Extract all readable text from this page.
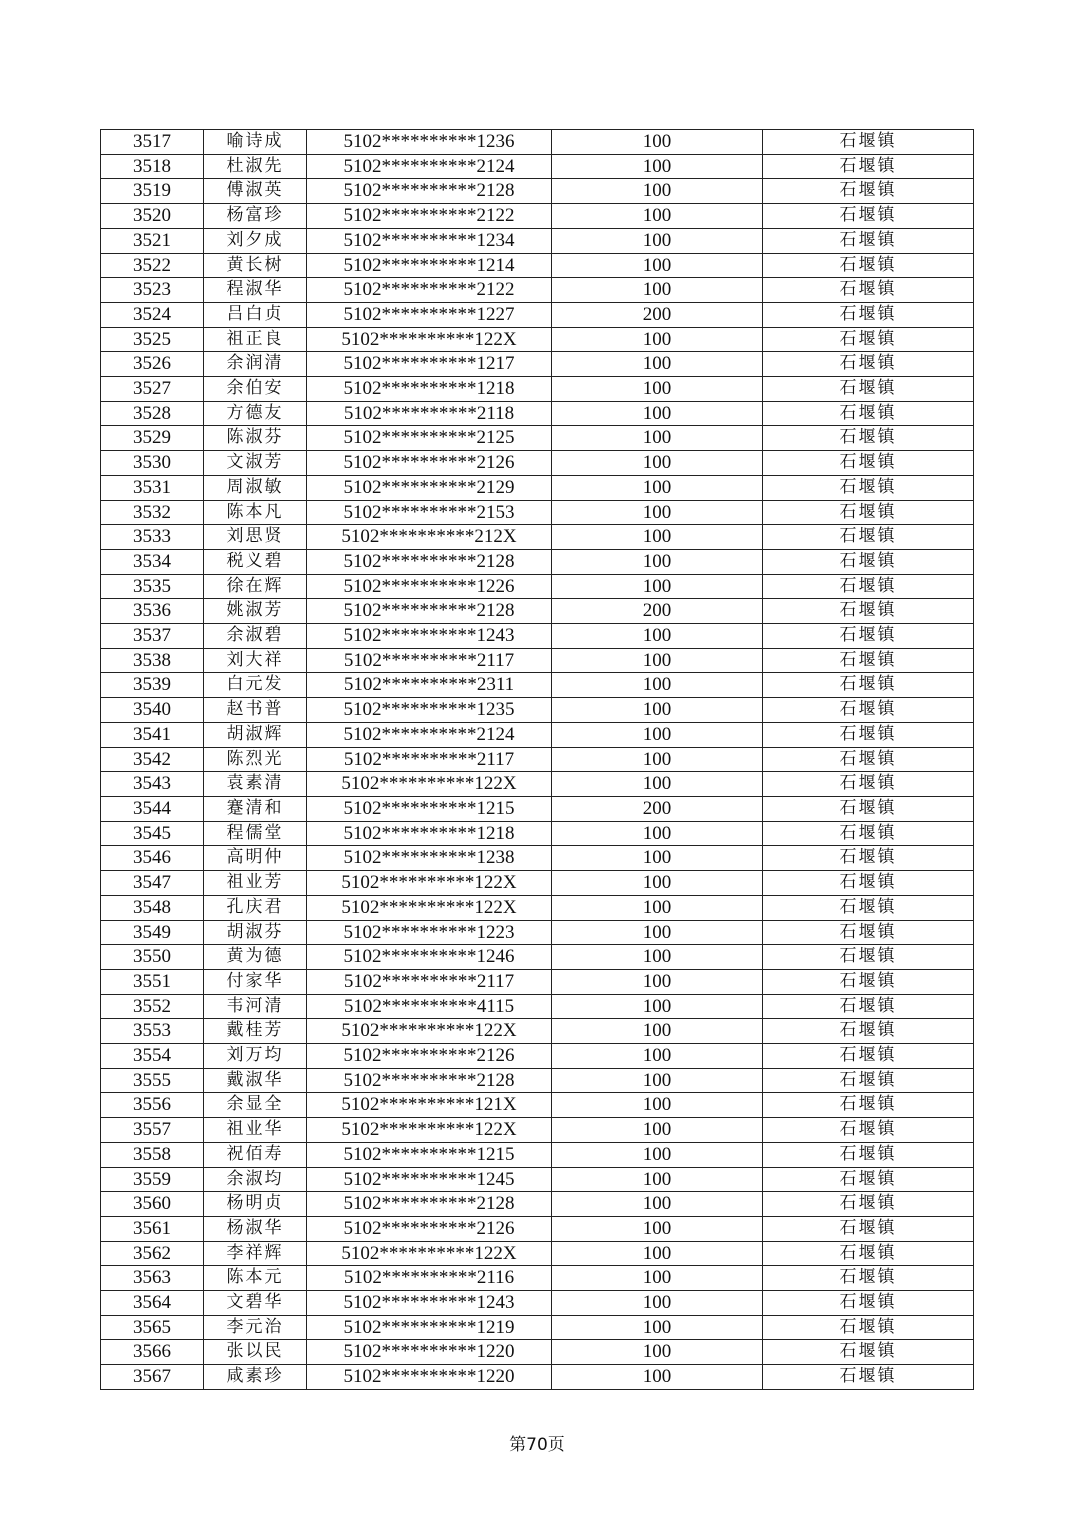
3517	喻诗成	5102**********1236	100	石堰镇
3518	杜淑先	5102**********2124	100	石堰镇
3519	傅淑英	5102**********2128	100	石堰镇
3520	杨富珍	5102**********2122	100	石堰镇
3521	刘夕成	5102**********1234	100	石堰镇
3522	黄长树	5102**********1214	100	石堰镇
3523	程淑华	5102**********2122	100	石堰镇
3524	吕白贞	5102**********1227	200	石堰镇
3525	祖正良	5102**********122X	100	石堰镇
3526	余润清	5102**********1217	100	石堰镇
3527	余伯安	5102**********1218	100	石堰镇
3528	方德友	5102**********2118	100	石堰镇
3529	陈淑芬	5102**********2125	100	石堰镇
3530	文淑芳	5102**********2126	100	石堰镇
3531	周淑敏	5102**********2129	100	石堰镇
3532	陈本凡	5102**********2153	100	石堰镇
3533	刘思贤	5102**********212X	100	石堰镇
3534	税义碧	5102**********2128	100	石堰镇
3535	徐在辉	5102**********1226	100	石堰镇
3536	姚淑芳	5102**********2128	200	石堰镇
3537	余淑碧	5102**********1243	100	石堰镇
3538	刘大祥	5102**********2117	100	石堰镇
3539	白元发	5102**********2311	100	石堰镇
3540	赵书普	5102**********1235	100	石堰镇
3541	胡淑辉	5102**********2124	100	石堰镇
3542	陈烈光	5102**********2117	100	石堰镇
3543	袁素清	5102**********122X	100	石堰镇
3544	蹇清和	5102**********1215	200	石堰镇
3545	程儒堂	5102**********1218	100	石堰镇
3546	高明仲	5102**********1238	100	石堰镇
3547	祖业芳	5102**********122X	100	石堰镇
3548	孔庆君	5102**********122X	100	石堰镇
3549	胡淑芬	5102**********1223	100	石堰镇
3550	黄为德	5102**********1246	100	石堰镇
3551	付家华	5102**********2117	100	石堰镇
3552	韦河清	5102**********4115	100	石堰镇
3553	戴桂芳	5102**********122X	100	石堰镇
3554	刘万均	5102**********2126	100	石堰镇
3555	戴淑华	5102**********2128	100	石堰镇
3556	余显全	5102**********121X	100	石堰镇
3557	祖业华	5102**********122X	100	石堰镇
3558	祝佰寿	5102**********1215	100	石堰镇
3559	余淑均	5102**********1245	100	石堰镇
3560	杨明贞	5102**********2128	100	石堰镇
3561	杨淑华	5102**********2126	100	石堰镇
3562	李祥辉	5102**********122X	100	石堰镇
3563	陈本元	5102**********2116	100	石堰镇
3564	文碧华	5102**********1243	100	石堰镇
3565	李元治	5102**********1219	100	石堰镇
3566	张以民	5102**********1220	100	石堰镇
3567	咸素珍	5102**********1220	100	石堰镇
第70页
